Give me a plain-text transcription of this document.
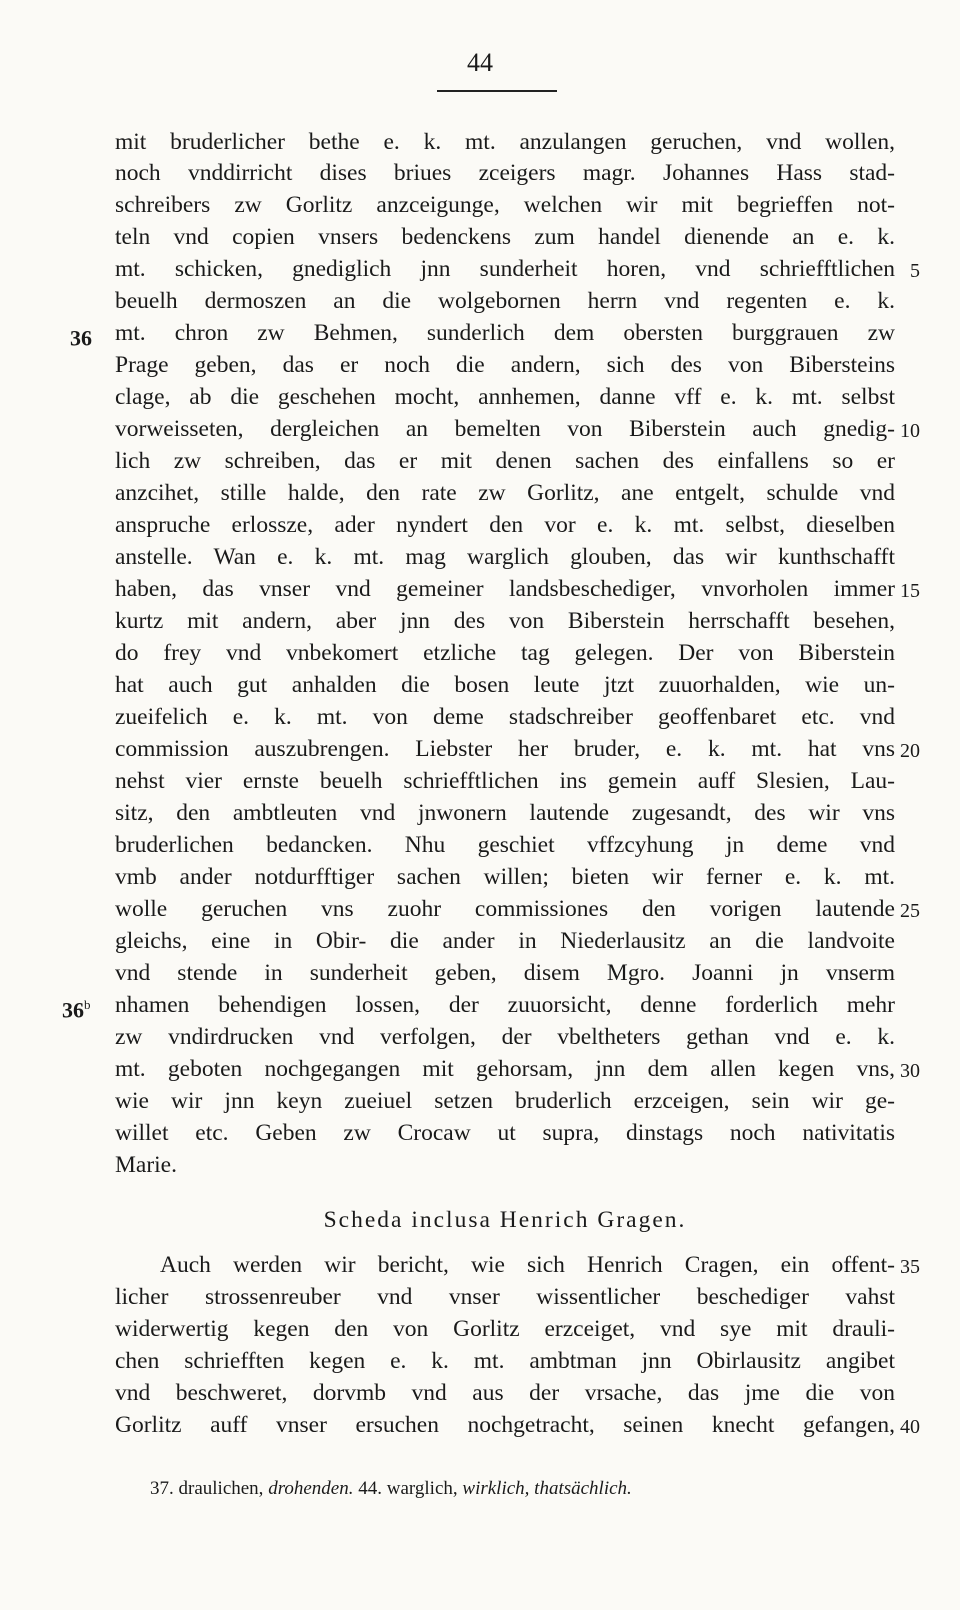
44
mit bruderlicher bethe e. k. mt. anzulangen geruchen, vnd wollen,
noch vnddirricht dises briues zceigers magr. Johannes Hass stad-
schreibers zw Gorlitz anzceigunge, welchen wir mit begrieffen not-
teln vnd copien vnsers bedenckens zum handel dienende an e. k.
mt. schicken, gnediglich jnn sunderheit horen, vnd schriefftlichen
beuelh dermoszen an die wolgebornen herrn vnd regenten e. k.
mt. chron zw Behmen, sunderlich dem obersten burggrauen zw
Prage geben, das er noch die andern, sich des von Bibersteins
clage, ab die geschehen mocht, annhemen, danne vff e. k. mt. selbst
vorweisseten, dergleichen an bemelten von Biberstein auch gnedig-
lich zw schreiben, das er mit denen sachen des einfallens so er
anzcihet, stille halde, den rate zw Gorlitz, ane entgelt, schulde vnd
anspruche erlossze, ader nyndert den vor e. k. mt. selbst, dieselben
anstelle. Wan e. k. mt. mag warglich glouben, das wir kunthschafft
haben, das vnser vnd gemeiner landsbeschediger, vnvorholen immer
kurtz mit andern, aber jnn des von Biberstein herrschafft besehen,
do frey vnd vnbekomert etzliche tag gelegen. Der von Biberstein
hat auch gut anhalden die bosen leute jtzt zuuorhalden, wie un-
zueifelich e. k. mt. von deme stadschreiber geoffenbaret etc. vnd
commission auszubrengen. Liebster her bruder, e. k. mt. hat vns
nehst vier ernste beuelh schriefftlichen ins gemein auff Slesien, Lau-
sitz, den ambtleuten vnd jnwonern lautende zugesandt, des wir vns
bruderlichen bedancken. Nhu geschiet vffzcyhung jn deme vnd
vmb ander notdurfftiger sachen willen; bieten wir ferner e. k. mt.
wolle geruchen vns zuohr commissiones den vorigen lautende
gleichs, eine in Obir- die ander in Niederlausitz an die landvoite
vnd stende in sunderheit geben, disem Mgro. Joanni jn vnserm
nhamen behendigen lossen, der zuuorsicht, denne forderlich mehr
zw vndirdrucken vnd verfolgen, der vbeltheters gethan vnd e. k.
mt. geboten nochgegangen mit gehorsam, jnn dem allen kegen vns,
wie wir jnn keyn zueiuel setzen bruderlich erzceigen, sein wir ge-
willet etc. Geben zw Crocaw ut supra, dinstags noch nativitatis
Marie.
Scheda inclusa Henrich Gragen.
Auch werden wir bericht, wie sich Henrich Cragen, ein offent-
licher strossenreuber vnd vnser wissentlicher beschediger vahst
widerwertig kegen den von Gorlitz erzceiget, vnd sye mit drauli-
chen schriefften kegen e. k. mt. ambtman jnn Obirlausitz angibet
vnd beschweret, dorvmb vnd aus der vrsache, das jme die von
Gorlitz auff vnser ersuchen nochgetracht, seinen knecht gefangen,
5
10
15
20
25
30
35
40
36
36$^b$
37. draulichen, drohenden. 44. warglich, wirklich, thatsächlich.
